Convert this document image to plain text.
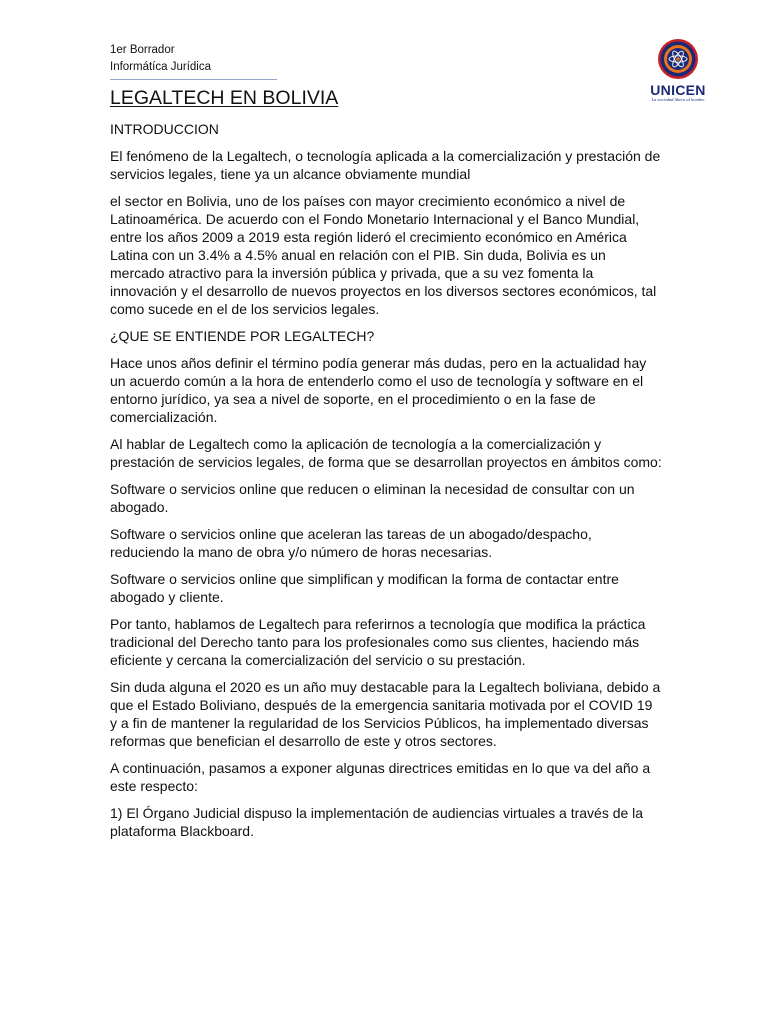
1er Borrador
Informátíca Jurídica
UNICEN
La sociedad libera al hombre
LEGALTECH EN BOLIVIA

INTRODUCCION

El fenómeno de la Legaltech, o tecnología aplicada a la comercialización y prestación de servicios legales, tiene ya un alcance obviamente mundial

el sector en Bolivia, uno de los países con mayor crecimiento económico a nivel de Latinoamérica. De acuerdo con el Fondo Monetario Internacional y el Banco Mundial, entre los años 2009 a 2019 esta región lideró el crecimiento económico en América Latina con un 3.4% a 4.5% anual en relación con el PIB. Sin duda, Bolivia es un mercado atractivo para la inversión pública y privada, que a su vez fomenta la innovación y el desarrollo de nuevos proyectos en los diversos sectores económicos, tal como sucede en el de los servicios legales.

¿QUE SE ENTIENDE POR LEGALTECH?

Hace unos años definir el término podía generar más dudas, pero en la actualidad hay un acuerdo común a la hora de entenderlo como el uso de tecnología y software en el entorno jurídico, ya sea a nivel de soporte, en el procedimiento o en la fase de comercialización.

Al hablar de Legaltech como la aplicación de tecnología a la comercialización y prestación de servicios legales, de forma que se desarrollan proyectos en ámbitos como:

Software o servicios online que reducen o eliminan la necesidad de consultar con un abogado.

Software o servicios online que aceleran las tareas de un abogado/despacho, reduciendo la mano de obra y/o número de horas necesarias.

Software o servicios online que simplifican y modifican la forma de contactar entre abogado y cliente.

Por tanto, hablamos de Legaltech para referirnos a tecnología que modifica la práctica tradicional del Derecho tanto para los profesionales como sus clientes, haciendo más eficiente y cercana la comercialización del servicio o su prestación.

Sin duda alguna el 2020 es un año muy destacable para la Legaltech boliviana, debido a que el Estado Boliviano, después de la emergencia sanitaria motivada por el COVID 19 y a fin de mantener la regularidad de los Servicios Públicos, ha implementado diversas reformas que benefician el desarrollo de este y otros sectores.

A continuación, pasamos a exponer algunas directrices emitidas en lo que va del año a este respecto:

1) El Órgano Judicial dispuso la implementación de audiencias virtuales a través de la plataforma Blackboard.
